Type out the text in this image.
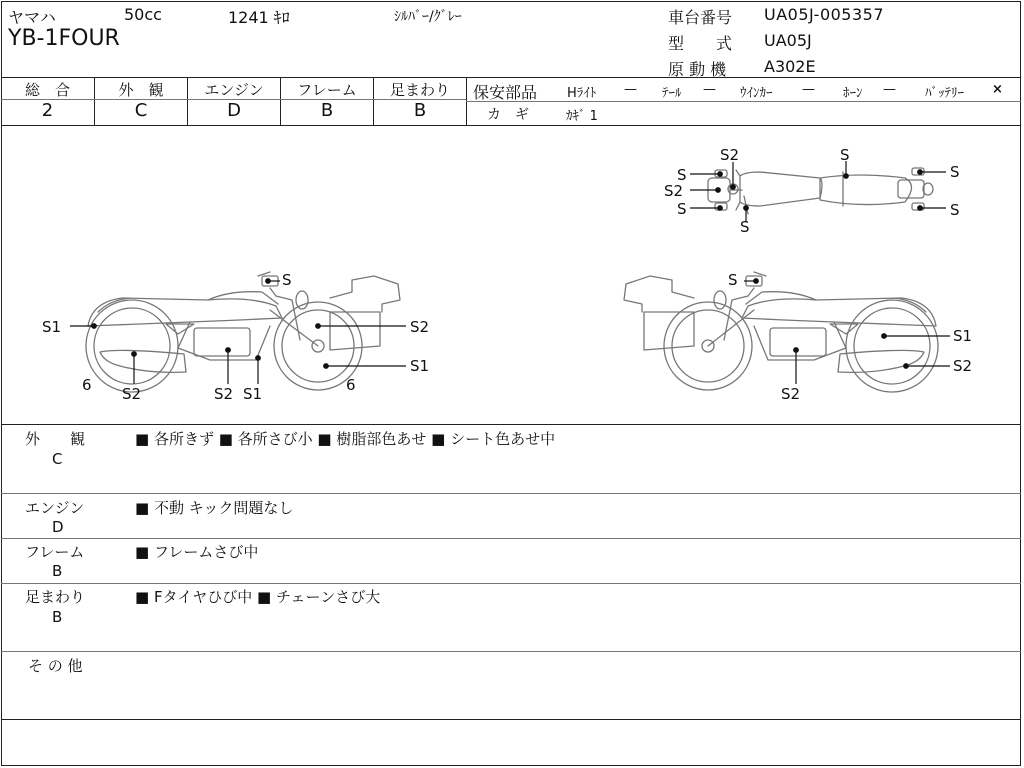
ヤマハ	50cc	1241 ｷﾛ	ｼﾙﾊﾞｰ/ｸﾞﾚｰ
YB-1FOUR
車台番号 UA05J-005357
型　　式 UA05J
原 動 機 A302E
総　合	外　観	エンジン	フレーム	足まわり
2	C	D	B	B
保安部品 Hﾗｲﾄ — ﾃｰﾙ — ｳｲﾝｶｰ — ﾎｰﾝ — ﾊﾞｯﾃﾘｰ ×
カ　ギ	ｶｷﾞ 1
S
S2
S2
S
S
S
S
S
S
S1	S2
S1
6 S2	S2 S1	6
S
S1
S2
S2
外　　観
C
■ 各所きず ■ 各所さび小 ■ 樹脂部色あせ ■ シート色あせ中
エンジン
D
■ 不動 キック問題なし
フレーム
B
■ フレームさび中
足まわり
B
■ Fタイヤひび中 ■ チェーンさび大
そ の 他
